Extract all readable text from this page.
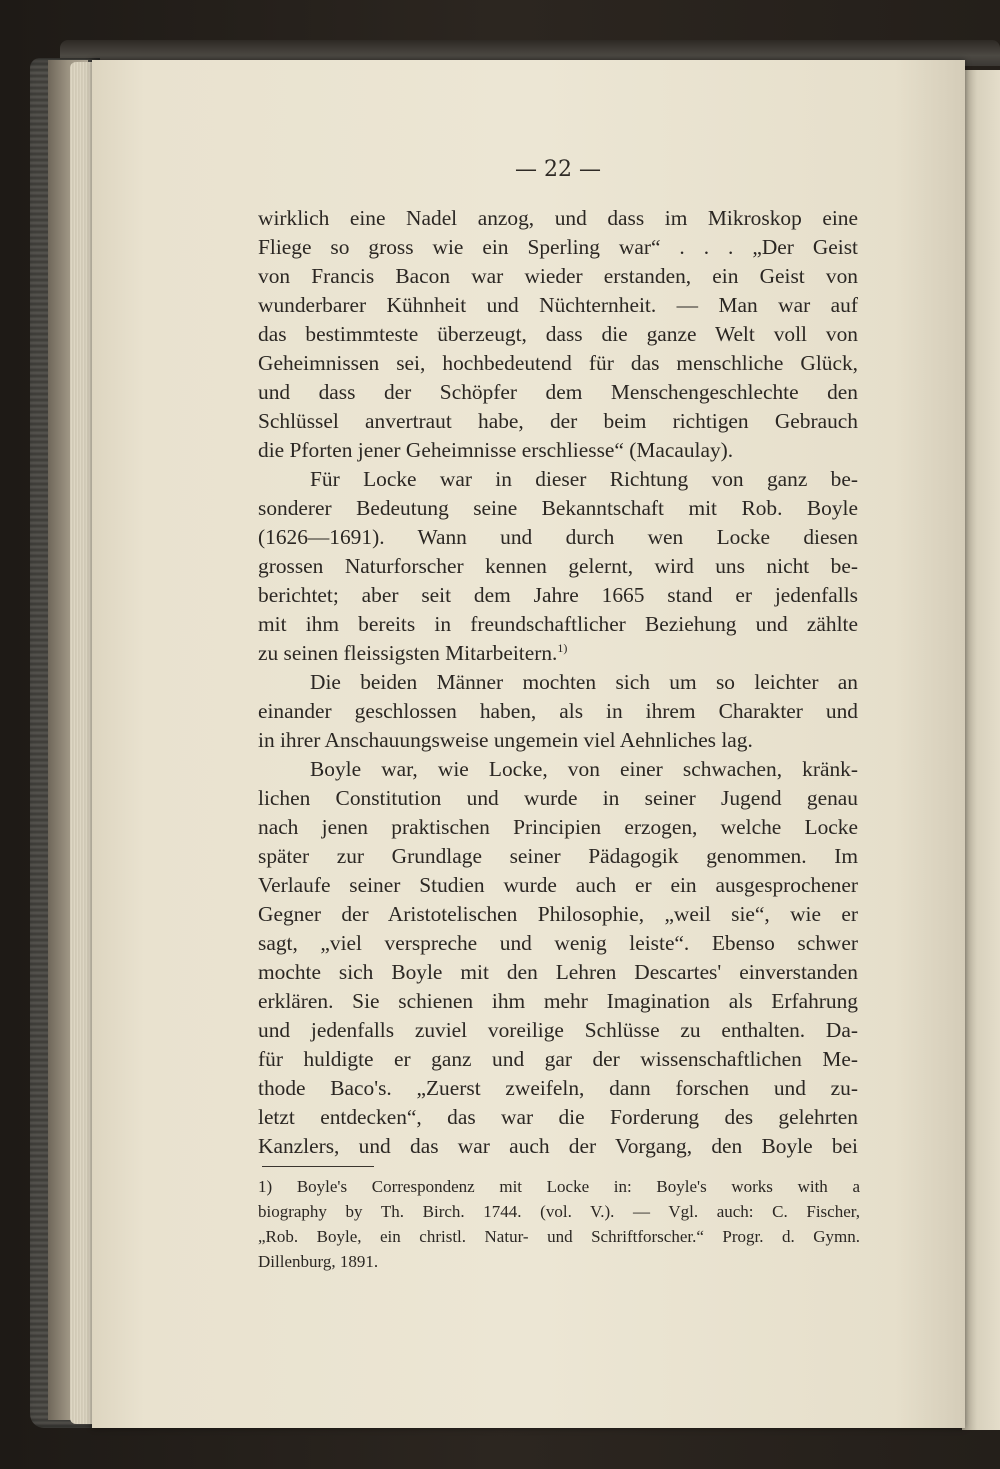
— 22 —
wirklich eine Nadel anzog, und dass im Mikroskop eine
Fliege so gross wie ein Sperling war“ . . . „Der Geist
von Francis Bacon war wieder erstanden, ein Geist von
wunderbarer Kühnheit und Nüchternheit. — Man war auf
das bestimmteste überzeugt, dass die ganze Welt voll von
Geheimnissen sei, hochbedeutend für das menschliche Glück,
und dass der Schöpfer dem Menschengeschlechte den
Schlüssel anvertraut habe, der beim richtigen Gebrauch
die Pforten jener Geheimnisse erschliesse“ (Macaulay).
Für Locke war in dieser Richtung von ganz be-
sonderer Bedeutung seine Bekanntschaft mit Rob. Boyle
(1626—1691). Wann und durch wen Locke diesen
grossen Naturforscher kennen gelernt, wird uns nicht be-
berichtet; aber seit dem Jahre 1665 stand er jedenfalls
mit ihm bereits in freundschaftlicher Beziehung und zählte
zu seinen fleissigsten Mitarbeitern.$^{1)}$
Die beiden Männer mochten sich um so leichter an
einander geschlossen haben, als in ihrem Charakter und
in ihrer Anschauungsweise ungemein viel Aehnliches lag.
Boyle war, wie Locke, von einer schwachen, kränk-
lichen Constitution und wurde in seiner Jugend genau
nach jenen praktischen Principien erzogen, welche Locke
später zur Grundlage seiner Pädagogik genommen. Im
Verlaufe seiner Studien wurde auch er ein ausgesprochener
Gegner der Aristotelischen Philosophie, „weil sie“, wie er
sagt, „viel verspreche und wenig leiste“. Ebenso schwer
mochte sich Boyle mit den Lehren Descartes' einverstanden
erklären. Sie schienen ihm mehr Imagination als Erfahrung
und jedenfalls zuviel voreilige Schlüsse zu enthalten. Da-
für huldigte er ganz und gar der wissenschaftlichen Me-
thode Baco's. „Zuerst zweifeln, dann forschen und zu-
letzt entdecken“, das war die Forderung des gelehrten
Kanzlers, und das war auch der Vorgang, den Boyle bei
1) Boyle's Correspondenz mit Locke in: Boyle's works with a
biography by Th. Birch. 1744. (vol. V.). — Vgl. auch: C. Fischer,
„Rob. Boyle, ein christl. Natur- und Schriftforscher.“ Progr. d. Gymn.
Dillenburg, 1891.
